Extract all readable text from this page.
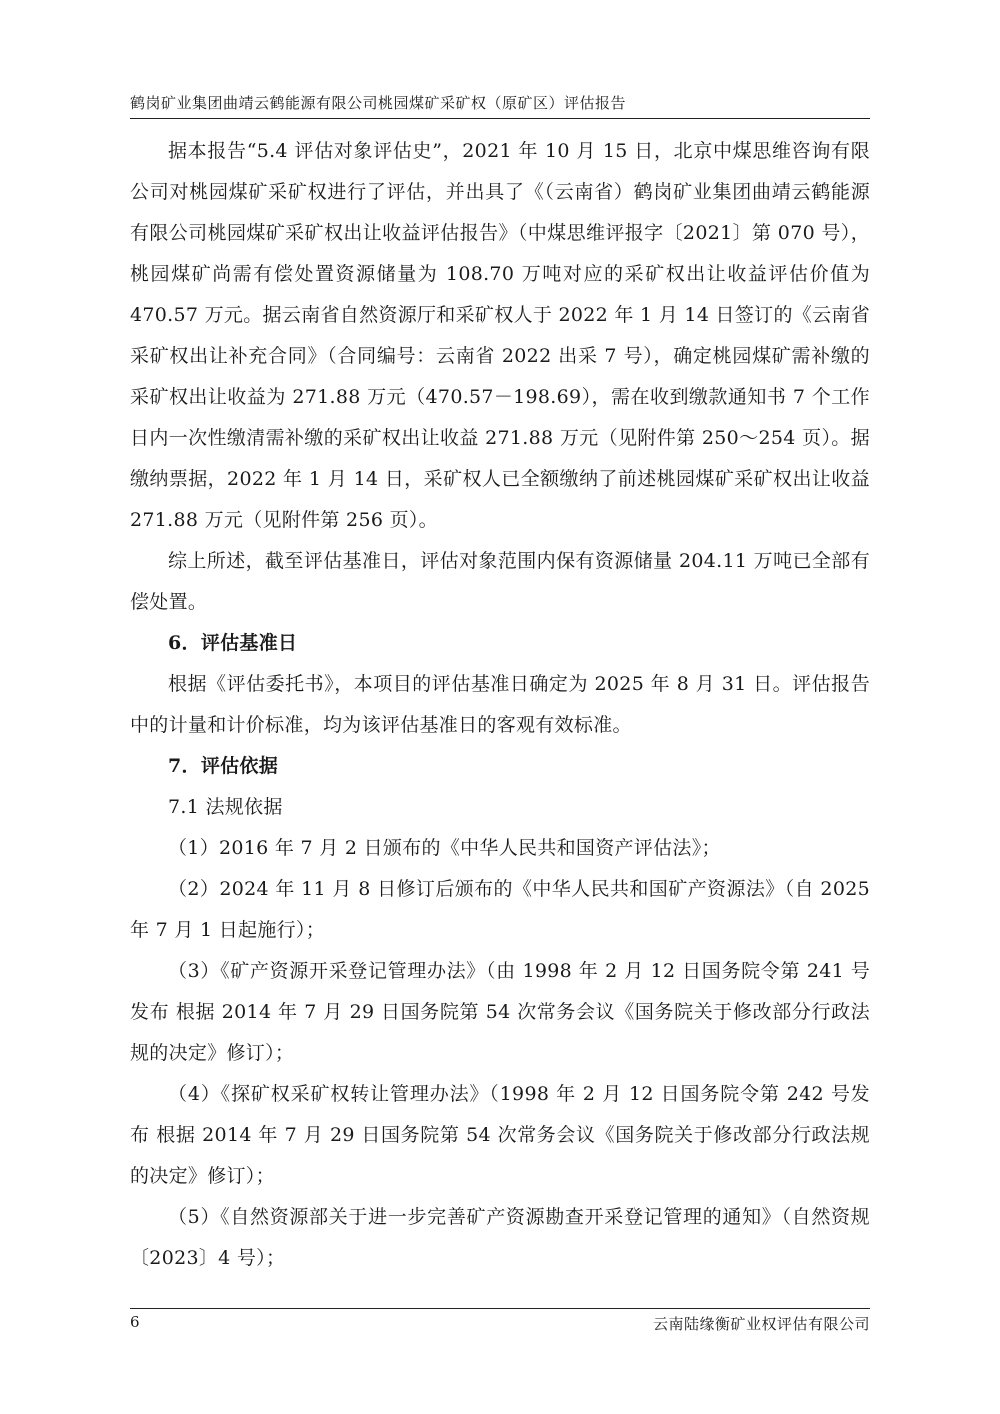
鹤岗矿业集团曲靖云鹤能源有限公司桃园煤矿采矿权（原矿区）评估报告

据本报告“5.4 评估对象评估史”，2021 年 10 月 15 日，北京中煤思维咨询有限公司对桃园煤矿采矿权进行了评估，并出具了《（云南省）鹤岗矿业集团曲靖云鹤能源有限公司桃园煤矿采矿权出让收益评估报告》（中煤思维评报字〔2021〕第 070 号），桃园煤矿尚需有偿处置资源储量为 108.70 万吨对应的采矿权出让收益评估价值为 470.57 万元。据云南省自然资源厅和采矿权人于 2022 年 1 月 14 日签订的《云南省采矿权出让补充合同》（合同编号：云南省 2022 出采 7 号），确定桃园煤矿需补缴的采矿权出让收益为 271.88 万元（470.57－198.69），需在收到缴款通知书 7 个工作日内一次性缴清需补缴的采矿权出让收益 271.88 万元（见附件第 250～254 页）。据缴纳票据，2022 年 1 月 14 日，采矿权人已全额缴纳了前述桃园煤矿采矿权出让收益 271.88 万元（见附件第 256 页）。

综上所述，截至评估基准日，评估对象范围内保有资源储量 204.11 万吨已全部有偿处置。

6．评估基准日

根据《评估委托书》，本项目的评估基准日确定为 2025 年 8 月 31 日。评估报告中的计量和计价标准，均为该评估基准日的客观有效标准。

7．评估依据

7.1 法规依据

（1）2016 年 7 月 2 日颁布的《中华人民共和国资产评估法》；

（2）2024 年 11 月 8 日修订后颁布的《中华人民共和国矿产资源法》（自 2025 年 7 月 1 日起施行）；

（3）《矿产资源开采登记管理办法》（由 1998 年 2 月 12 日国务院令第 241 号发布 根据 2014 年 7 月 29 日国务院第 54 次常务会议《国务院关于修改部分行政法规的决定》修订）；

（4）《探矿权采矿权转让管理办法》（1998 年 2 月 12 日国务院令第 242 号发布 根据 2014 年 7 月 29 日国务院第 54 次常务会议《国务院关于修改部分行政法规的决定》修订）；

（5）《自然资源部关于进一步完善矿产资源勘查开采登记管理的通知》（自然资规〔2023〕4 号）；

6	云南陆缘衡矿业权评估有限公司
